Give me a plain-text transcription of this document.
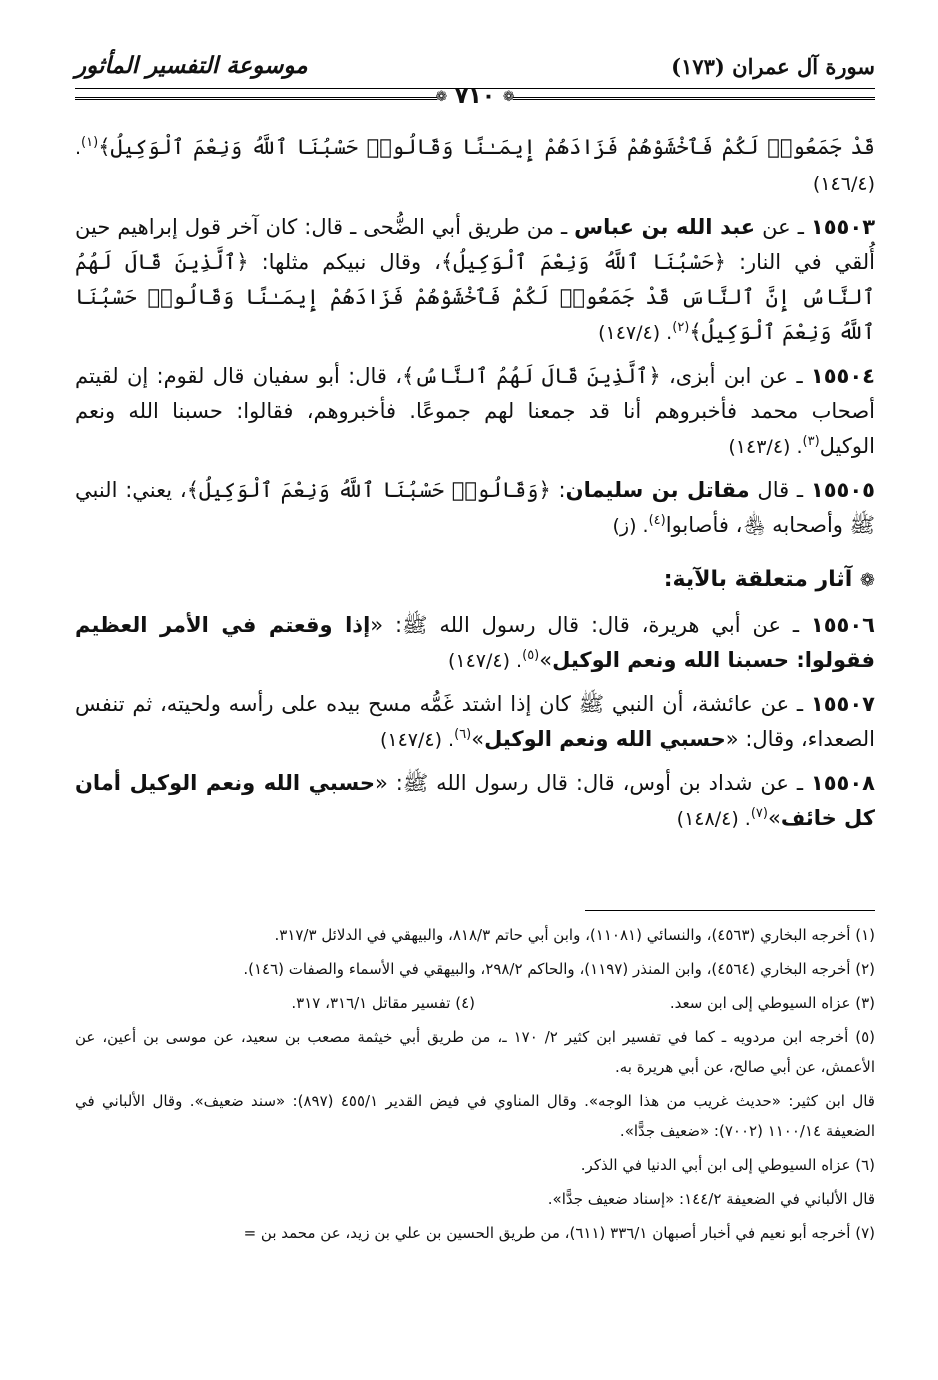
سورة آل عمران (١٧٣)
موسوعة التفسير المأثور
❁ ٧١٠ ❁

قَدْ جَمَعُوا۟ لَكُمْ فَٱخْشَوْهُمْ فَزَادَهُمْ إِيمَـٰنًا وَقَالُوا۟ حَسْبُنَا ٱللَّهُ وَنِعْمَ ٱلْوَكِيلُ﴾$^{(١)}$. (١٤٦/٤)

١٥٥٠٣ ـ عن عبد الله بن عباس ـ من طريق أبي الضُّحى ـ قال: كان آخر قول إبراهيم حين أُلقي في النار: ﴿حَسْبُنَا ٱللَّهُ وَنِعْمَ ٱلْوَكِيلُ﴾، وقال نبيكم مثلها: ﴿ٱلَّذِينَ قَالَ لَهُمُ ٱلنَّاسُ إِنَّ ٱلنَّاسَ قَدْ جَمَعُوا۟ لَكُمْ فَٱخْشَوْهُمْ فَزَادَهُمْ إِيمَـٰنًا وَقَالُوا۟ حَسْبُنَا ٱللَّهُ وَنِعْمَ ٱلْوَكِيلُ﴾$^{(٢)}$. (١٤٧/٤)

١٥٥٠٤ ـ عن ابن أبزى، ﴿ٱلَّذِينَ قَالَ لَهُمُ ٱلنَّاسُ﴾، قال: أبو سفيان قال لقوم: إن لقيتم أصحاب محمد فأخبروهم أنا قد جمعنا لهم جموعًا. فأخبروهم، فقالوا: حسبنا الله ونعم الوكيل$^{(٣)}$. (١٤٣/٤)

١٥٥٠٥ ـ قال مقاتل بن سليمان: ﴿وَقَالُوا۟ حَسْبُنَا ٱللَّهُ وَنِعْمَ ٱلْوَكِيلُ﴾، يعني: النبي ﷺ وأصحابه ﵃، فأصابوا$^{(٤)}$. (ز)

❁ آثار متعلقة بالآية:

١٥٥٠٦ ـ عن أبي هريرة، قال: قال رسول الله ﷺ: «إذا وقعتم في الأمر العظيم فقولوا: حسبنا الله ونعم الوكيل»$^{(٥)}$. (١٤٧/٤)

١٥٥٠٧ ـ عن عائشة، أن النبي ﷺ كان إذا اشتد غَمُّه مسح بيده على رأسه ولحيته، ثم تنفس الصعداء، وقال: «حسبي الله ونعم الوكيل»$^{(٦)}$. (١٤٧/٤)

١٥٥٠٨ ـ عن شداد بن أوس، قال: قال رسول الله ﷺ: «حسبي الله ونعم الوكيل أمان كل خائف»$^{(٧)}$. (١٤٨/٤)

(١) أخرجه البخاري (٤٥٦٣)، والنسائي (١١٠٨١)، وابن أبي حاتم ٨١٨/٣، والبيهقي في الدلائل ٣١٧/٣.

(٢) أخرجه البخاري (٤٥٦٤)، وابن المنذر (١١٩٧)، والحاكم ٢٩٨/٢، والبيهقي في الأسماء والصفات (١٤٦).

(٣) عزاه السيوطي إلى ابن سعد.
(٤) تفسير مقاتل ٣١٦/١، ٣١٧.

(٥) أخرجه ابن مردويه ـ كما في تفسير ابن كثير ٢/ ١٧٠ ـ، من طريق أبي خيثمة مصعب بن سعيد، عن موسى بن أعين، عن الأعمش، عن أبي صالح، عن أبي هريرة به.

قال ابن كثير: «حديث غريب من هذا الوجه». وقال المناوي في فيض القدير ٤٥٥/١ (٨٩٧): «سند ضعيف». وقال الألباني في الضعيفة ١١٠٠/١٤ (٧٠٠٢): «ضعيف جدًّا».

(٦) عزاه السيوطي إلى ابن أبي الدنيا في الذكر.

قال الألباني في الضعيفة ١٤٤/٢: «إسناد ضعيف جدًّا».

(٧) أخرجه أبو نعيم في أخبار أصبهان ٣٣٦/١ (٦١١)، من طريق الحسين بن علي بن زيد، عن محمد بن =
